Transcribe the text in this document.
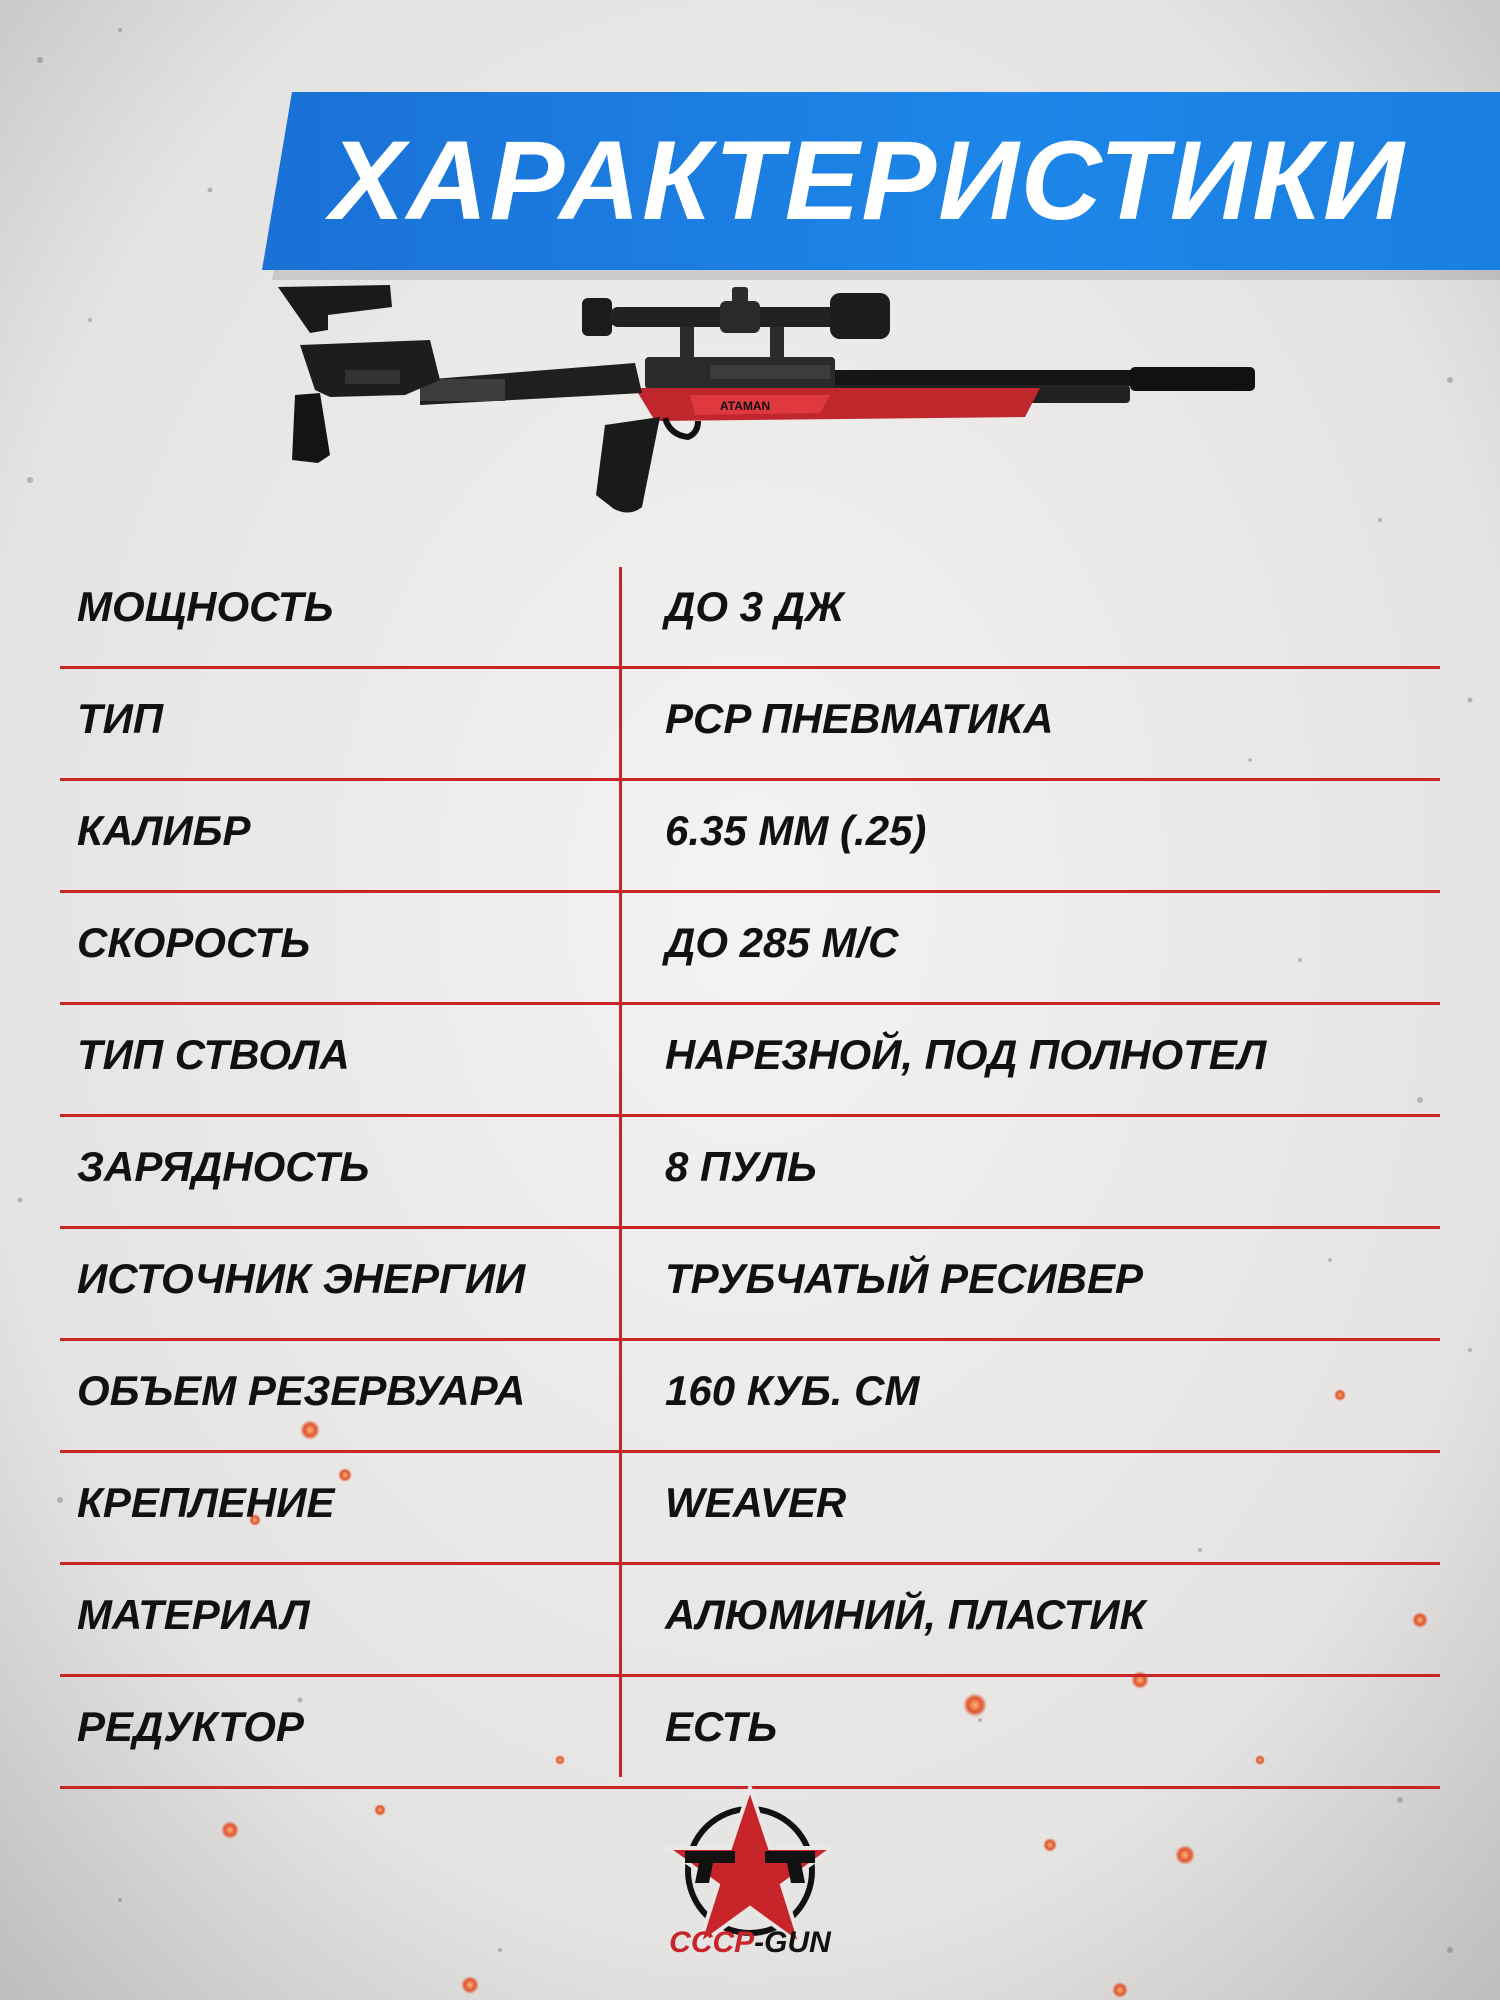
ХАРАКТЕРИСТИКИ
ATAMAN
МОЩНОСТЬ	ДО 3 ДЖ
ТИП	PCP ПНЕВМАТИКА
КАЛИБР	6.35 ММ (.25)
СКОРОСТЬ	ДО 285 М/С
ТИП СТВОЛА	НАРЕЗНОЙ, ПОД ПОЛНОТЕЛ
ЗАРЯДНОСТЬ	8 ПУЛЬ
ИСТОЧНИК ЭНЕРГИИ	ТРУБЧАТЫЙ РЕСИВЕР
ОБЪЕМ РЕЗЕРВУАРА	160 КУБ. СМ
КРЕПЛЕНИЕ	WEAVER
МАТЕРИАЛ	АЛЮМИНИЙ, ПЛАСТИК
РЕДУКТОР	ЕСТЬ
CCCP-GUN
